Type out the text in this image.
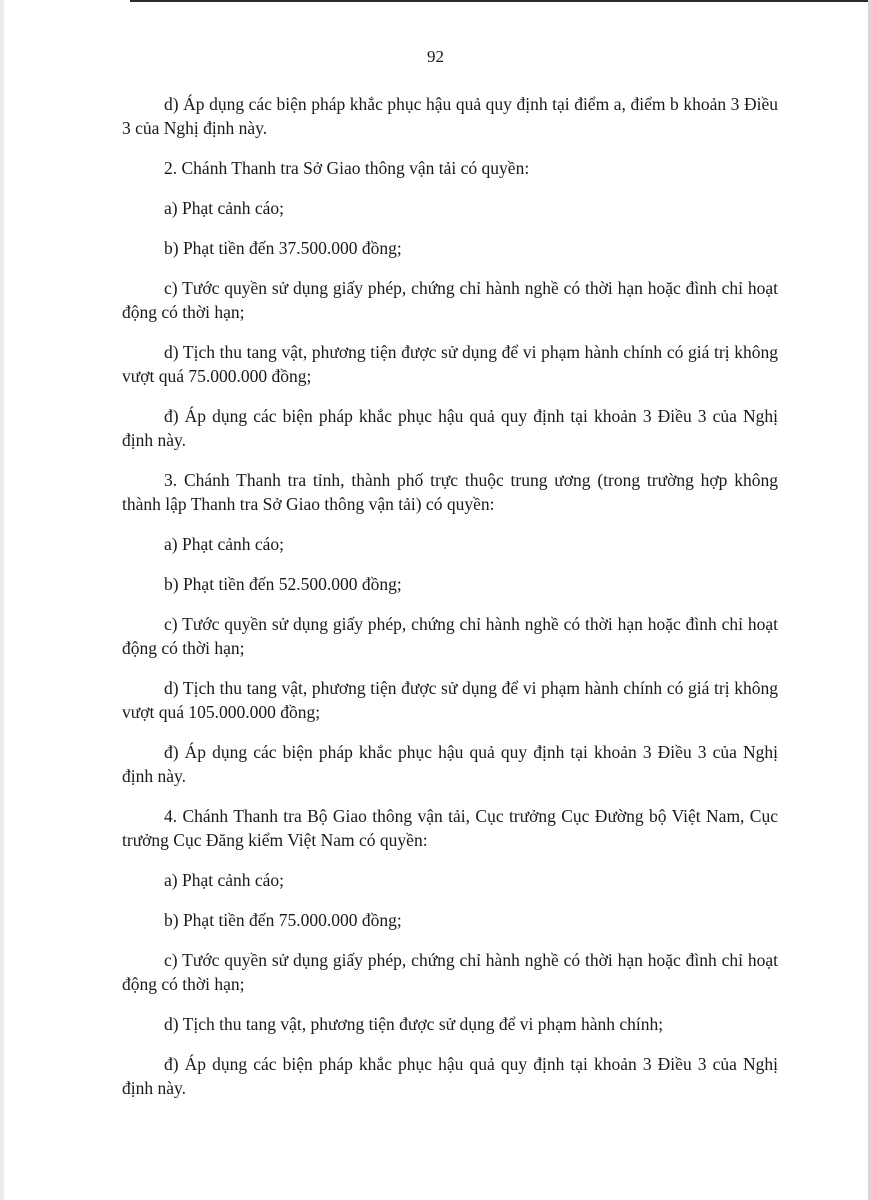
92

d) Áp dụng các biện pháp khắc phục hậu quả quy định tại điểm a, điểm b khoản 3 Điều 3 của Nghị định này.

2. Chánh Thanh tra Sở Giao thông vận tải có quyền:

a) Phạt cảnh cáo;

b) Phạt tiền đến 37.500.000 đồng;

c) Tước quyền sử dụng giấy phép, chứng chỉ hành nghề có thời hạn hoặc đình chỉ hoạt động có thời hạn;

d) Tịch thu tang vật, phương tiện được sử dụng để vi phạm hành chính có giá trị không vượt quá 75.000.000 đồng;

đ) Áp dụng các biện pháp khắc phục hậu quả quy định tại khoản 3 Điều 3 của Nghị định này.

3. Chánh Thanh tra tỉnh, thành phố trực thuộc trung ương (trong trường hợp không thành lập Thanh tra Sở Giao thông vận tải) có quyền:

a) Phạt cảnh cáo;

b) Phạt tiền đến 52.500.000 đồng;

c) Tước quyền sử dụng giấy phép, chứng chỉ hành nghề có thời hạn hoặc đình chỉ hoạt động có thời hạn;

d) Tịch thu tang vật, phương tiện được sử dụng để vi phạm hành chính có giá trị không vượt quá 105.000.000 đồng;

đ) Áp dụng các biện pháp khắc phục hậu quả quy định tại khoản 3 Điều 3 của Nghị định này.

4. Chánh Thanh tra Bộ Giao thông vận tải, Cục trưởng Cục Đường bộ Việt Nam, Cục trưởng Cục Đăng kiểm Việt Nam có quyền:

a) Phạt cảnh cáo;

b) Phạt tiền đến 75.000.000 đồng;

c) Tước quyền sử dụng giấy phép, chứng chỉ hành nghề có thời hạn hoặc đình chỉ hoạt động có thời hạn;

d) Tịch thu tang vật, phương tiện được sử dụng để vi phạm hành chính;

đ) Áp dụng các biện pháp khắc phục hậu quả quy định tại khoản 3 Điều 3 của Nghị định này.
